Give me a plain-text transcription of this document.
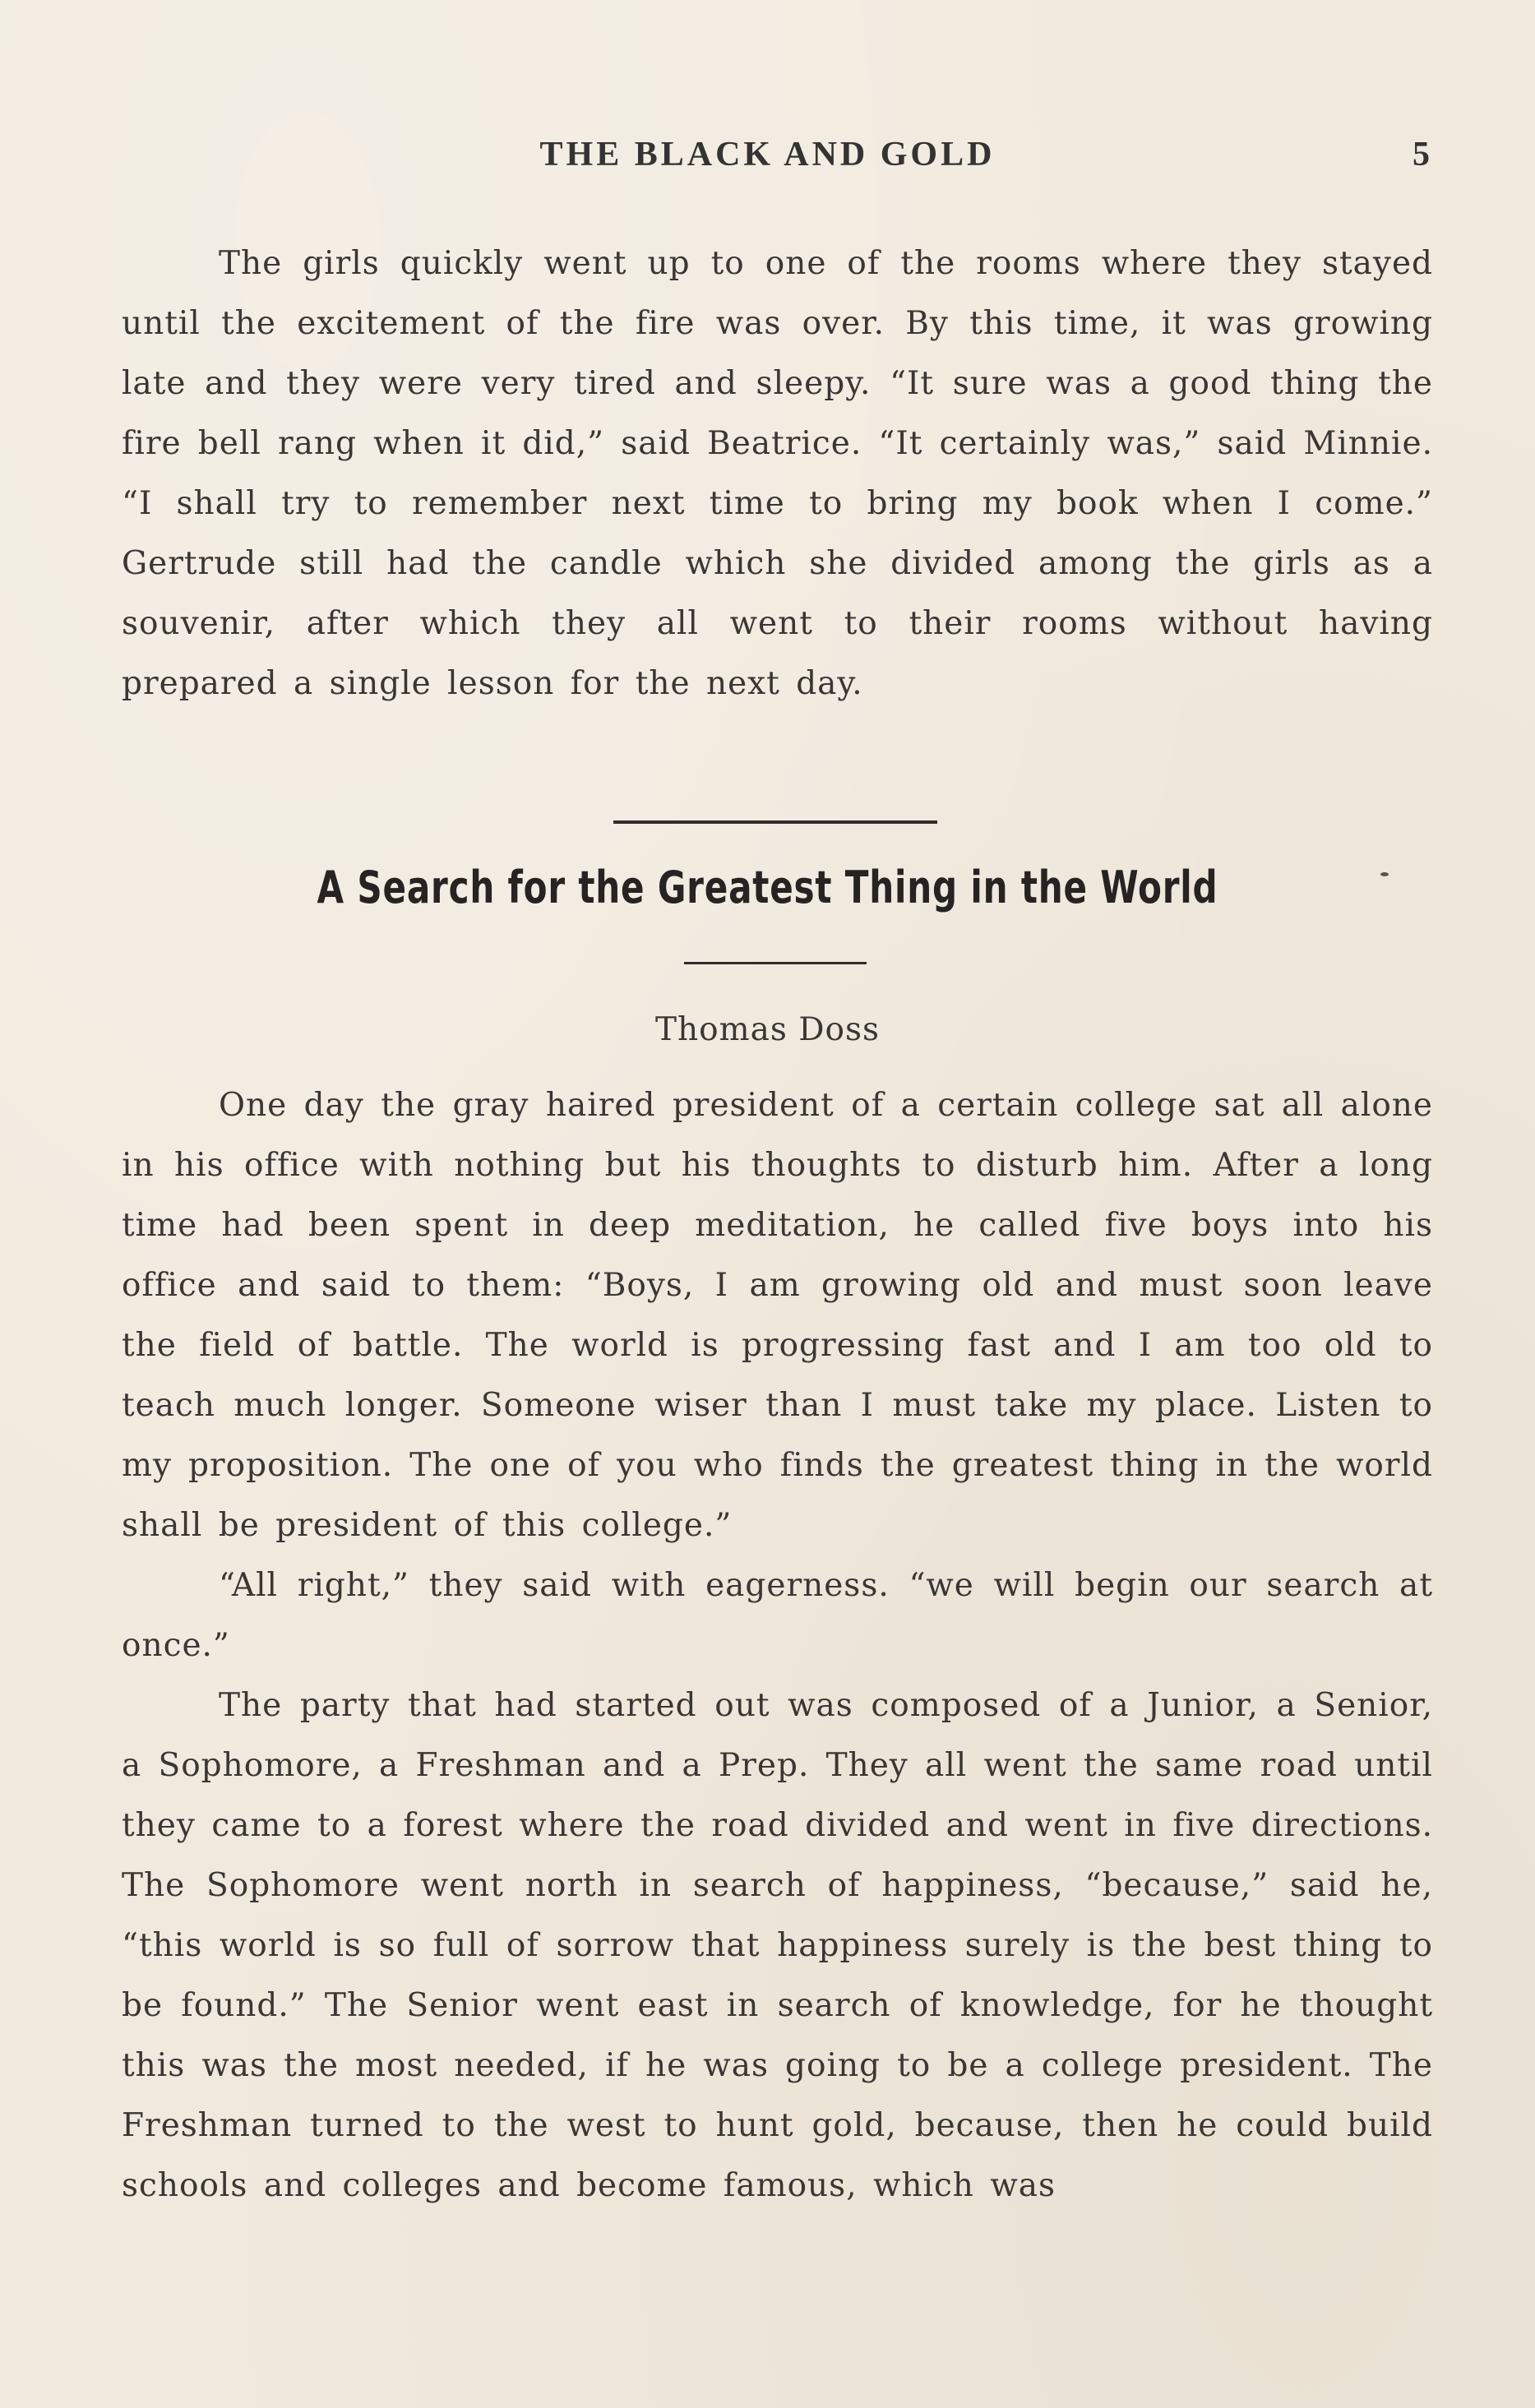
THE BLACK AND GOLD	5

The girls quickly went up to one of the rooms where they stayed until the excitement of the fire was over. By this time, it was growing late and they were very tired and sleepy. “It sure was a good thing the fire bell rang when it did,” said Beatrice. “It certainly was,” said Minnie. “I shall try to remember next time to bring my book when I come.” Gertrude still had the candle which she divided among the girls as a souvenir, after which they all went to their rooms without having prepared a single lesson for the next day.

A Search for the Greatest Thing in the World
Thomas Doss

One day the gray haired president of a certain college sat all alone in his office with nothing but his thoughts to disturb him. After a long time had been spent in deep meditation, he called five boys into his office and said to them: “Boys, I am growing old and must soon leave the field of battle. The world is progressing fast and I am too old to teach much longer. Someone wiser than I must take my place. Listen to my proposition. The one of you who finds the greatest thing in the world shall be president of this college.”

“All right,” they said with eagerness. “we will begin our search at once.”

The party that had started out was composed of a Junior, a Senior, a Sophomore, a Freshman and a Prep. They all went the same road until they came to a forest where the road divided and went in five directions. The Sophomore went north in search of happiness, “because,” said he, “this world is so full of sorrow that happiness surely is the best thing to be found.” The Senior went east in search of knowledge, for he thought this was the most needed, if he was going to be a college president. The Freshman turned to the west to hunt gold, because, then he could build schools and colleges and become famous, which was
